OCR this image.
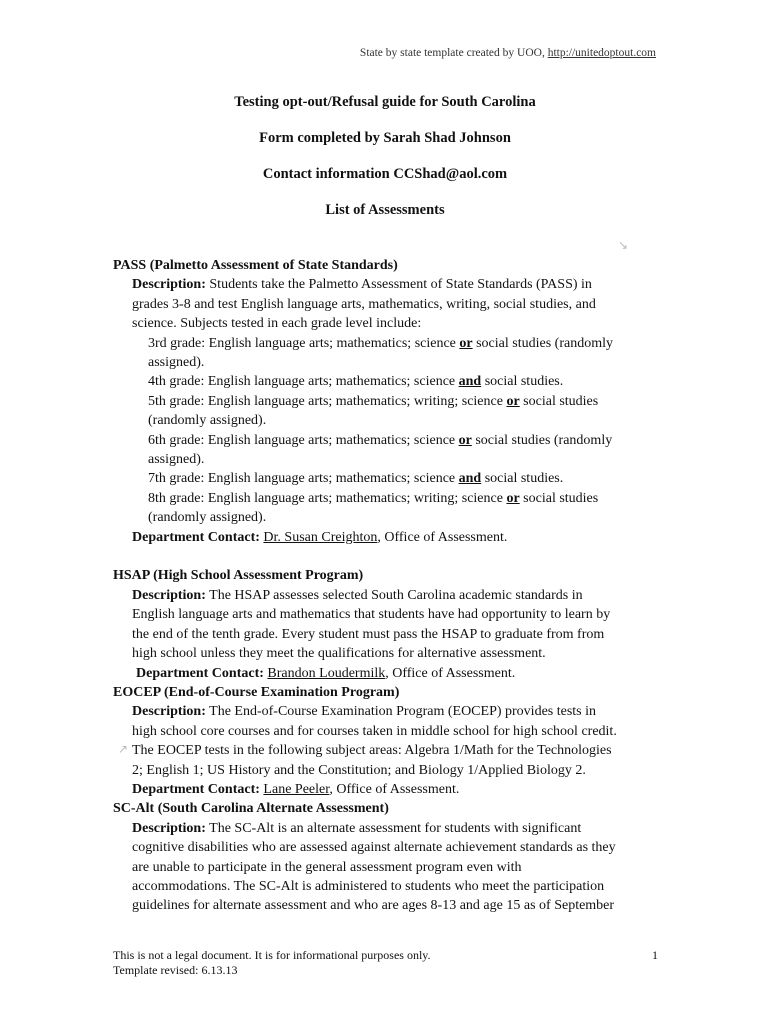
State by state template created by UOO, http://unitedoptout.com
Testing opt-out/Refusal guide for South Carolina
Form completed by Sarah Shad Johnson
Contact information CCShad@aol.com
List of Assessments
↘
↗
PASS (Palmetto Assessment of State Standards)
Description: Students take the Palmetto Assessment of State Standards (PASS) in
grades 3-8 and test English language arts, mathematics, writing, social studies, and
science. Subjects tested in each grade level include:
3rd grade: English language arts; mathematics; science or social studies (randomly
assigned).
4th grade: English language arts; mathematics; science and social studies.
5th grade: English language arts; mathematics; writing; science or social studies
(randomly assigned).
6th grade: English language arts; mathematics; science or social studies (randomly
assigned).
7th grade: English language arts; mathematics; science and social studies.
8th grade: English language arts; mathematics; writing; science or social studies
(randomly assigned).
Department Contact: Dr. Susan Creighton, Office of Assessment.
HSAP (High School Assessment Program)
Description: The HSAP assesses selected South Carolina academic standards in
English language arts and mathematics that students have had opportunity to learn by
the end of the tenth grade. Every student must pass the HSAP to graduate from from
high school unless they meet the qualifications for alternative assessment.
Department Contact: Brandon Loudermilk, Office of Assessment.
EOCEP (End-of-Course Examination Program)
Description: The End-of-Course Examination Program (EOCEP) provides tests in
high school core courses and for courses taken in middle school for high school credit.
The EOCEP tests in the following subject areas: Algebra 1/Math for the Technologies
2; English 1; US History and the Constitution; and Biology 1/Applied Biology 2.
Department Contact: Lane Peeler, Office of Assessment.
SC-Alt (South Carolina Alternate Assessment)
Description: The SC-Alt is an alternate assessment for students with significant
cognitive disabilities who are assessed against alternate achievement standards as they
are unable to participate in the general assessment program even with
accommodations. The SC-Alt is administered to students who meet the participation
guidelines for alternate assessment and who are ages 8-13 and age 15 as of September
This is not a legal document. It is for informational purposes only.
Template revised: 6.13.13
1
